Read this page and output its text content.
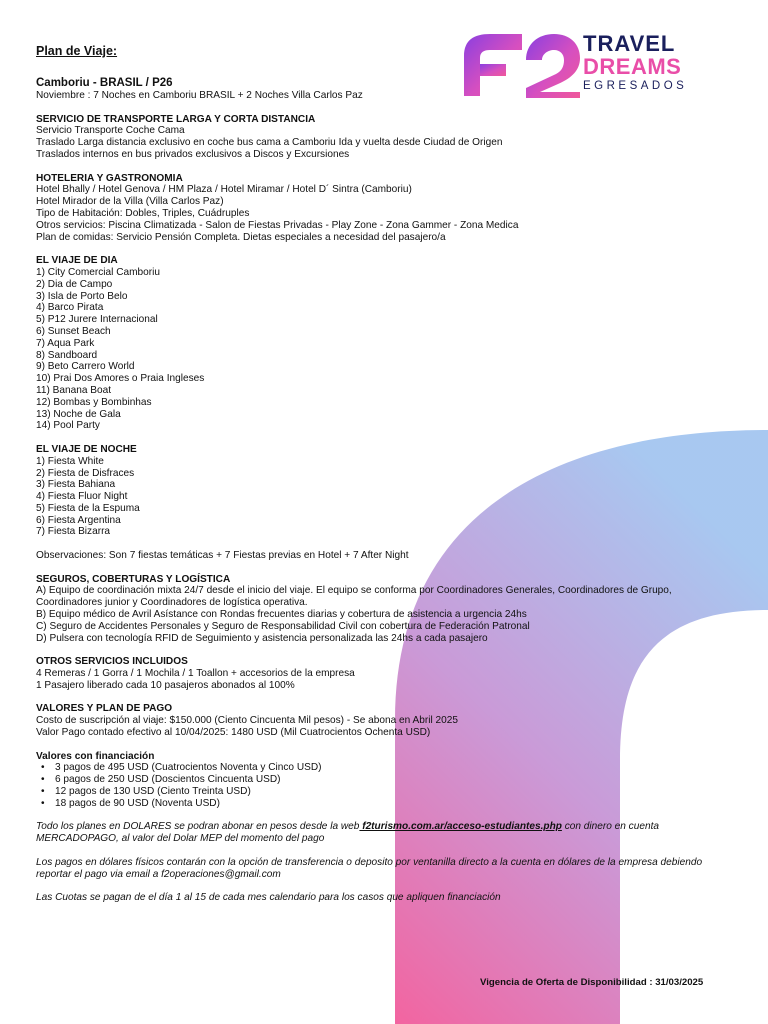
TRAVEL

DREAMS

EGRESADOS

Plan de Viaje:

Camboriu - BRASIL / P26

Noviembre : 7 Noches en Camboriu BRASIL + 2 Noches Villa Carlos Paz

SERVICIO DE TRANSPORTE LARGA Y CORTA DISTANCIA

Servicio Transporte Coche Cama

Traslado Larga distancia exclusivo en coche bus cama a Camboriu Ida y vuelta desde Ciudad de Origen

Traslados internos en bus privados exclusivos a Discos y Excursiones

HOTELERIA Y GASTRONOMIA

Hotel Bhally / Hotel Genova / HM Plaza / Hotel Miramar / Hotel D´ Sintra (Camboriu)

Hotel Mirador de la Villa (Villa Carlos Paz)

Tipo de Habitación: Dobles, Triples, Cuádruples

Otros servicios: Piscina Climatizada - Salon de Fiestas Privadas - Play Zone - Zona Gammer - Zona Medica

Plan de comidas: Servicio Pensión Completa. Dietas especiales a necesidad del pasajero/a

EL VIAJE DE DIA

1) City Comercial Camboriu

2) Dia de Campo

3) Isla de Porto Belo

4) Barco Pirata

5) P12 Jurere Internacional

6) Sunset Beach

7) Aqua Park

8) Sandboard

9) Beto Carrero World

10) Prai Dos Amores o Praia Ingleses

11) Banana Boat

12) Bombas y Bombinhas

13) Noche de Gala

14) Pool Party

EL VIAJE DE NOCHE

1) Fiesta White

2) Fiesta de Disfraces

3) Fiesta Bahiana

4) Fiesta Fluor Night

5) Fiesta de la Espuma

6) Fiesta Argentina

7) Fiesta Bizarra

Observaciones: Son 7 fiestas temáticas + 7 Fiestas previas en Hotel + 7 After Night

SEGUROS, COBERTURAS Y LOGÍSTICA

A) Equipo de coordinación mixta 24/7 desde el inicio del viaje. El equipo se conforma por Coordinadores Generales, Coordinadores de Grupo, Coordinadores junior y Coordinadores de logística operativa.

B) Equipo médico de Avril Asístance con Rondas frecuentes diarias y cobertura de asistencia a urgencia 24hs

C) Seguro de Accidentes Personales y Seguro de Responsabilidad Civil con cobertura de Federación Patronal

D) Pulsera con tecnología RFID de Seguimiento y asistencia personalizada las 24hs a cada pasajero

OTROS SERVICIOS INCLUIDOS

4 Remeras / 1 Gorra / 1 Mochila / 1 Toallon + accesorios de la empresa

1 Pasajero liberado cada 10 pasajeros abonados al 100%

VALORES Y PLAN DE PAGO

Costo de suscripción al viaje: $150.000 (Ciento Cincuenta Mil pesos) - Se abona en Abril 2025

Valor Pago contado efectivo al 10/04/2025: 1480 USD (Mil Cuatrocientos Ochenta USD)

Valores con financiación

• 3 pagos de 495 USD (Cuatrocientos Noventa y Cinco USD)
• 6 pagos de 250 USD (Doscientos Cincuenta USD)
• 12 pagos de 130 USD (Ciento Treinta USD)
• 18 pagos de 90 USD (Noventa USD)

Todo los planes en DOLARES se podran abonar en pesos desde la web f2turismo.com.ar/acceso-estudiantes.php con dinero en cuenta MERCADOPAGO, al valor del Dolar MEP del momento del pago

Los pagos en dólares físicos contarán con la opción de transferencia o deposito por ventanilla directo a la cuenta en dólares de la empresa debiendo reportar el pago via email a f2operaciones@gmail.com

Las Cuotas se pagan de el día 1 al 15 de cada mes calendario para los casos que apliquen financiación

Vigencia de Oferta de Disponibilidad : 31/03/2025
